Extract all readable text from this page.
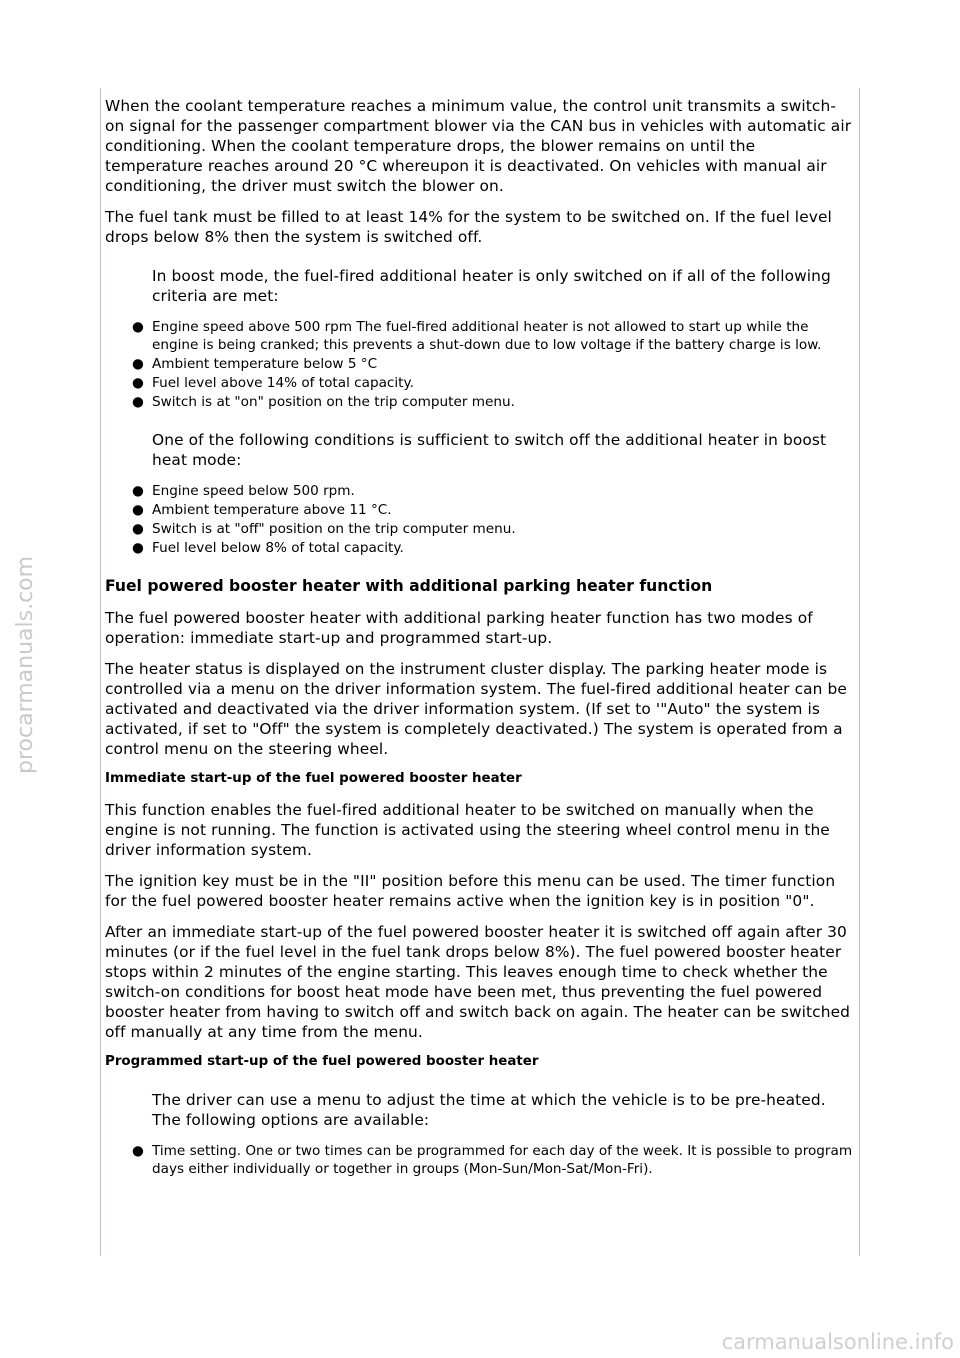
When the coolant temperature reaches a minimum value, the control unit transmits a switch-on signal for the passenger compartment blower via the CAN bus in vehicles with automatic air conditioning. When the coolant temperature drops, the blower remains on until the temperature reaches around 20 °C whereupon it is deactivated. On vehicles with manual air conditioning, the driver must switch the blower on.

The fuel tank must be filled to at least 14% for the system to be switched on. If the fuel level drops below 8% then the system is switched off.

In boost mode, the fuel-fired additional heater is only switched on if all of the following criteria are met:

● Engine speed above 500 rpm The fuel-fired additional heater is not allowed to start up while the engine is being cranked; this prevents a shut-down due to low voltage if the battery charge is low.
● Ambient temperature below 5 °C
● Fuel level above 14% of total capacity.
● Switch is at "on" position on the trip computer menu.

One of the following conditions is sufficient to switch off the additional heater in boost heat mode:

● Engine speed below 500 rpm.
● Ambient temperature above 11 °C.
● Switch is at "off" position on the trip computer menu.
● Fuel level below 8% of total capacity.
Fuel powered booster heater with additional parking heater function

The fuel powered booster heater with additional parking heater function has two modes of operation: immediate start-up and programmed start-up.

The heater status is displayed on the instrument cluster display. The parking heater mode is controlled via a menu on the driver information system. The fuel-fired additional heater can be activated and deactivated via the driver information system. (If set to '"Auto" the system is activated, if set to "Off" the system is completely deactivated.) The system is operated from a control menu on the steering wheel.

Immediate start-up of the fuel powered booster heater

This function enables the fuel-fired additional heater to be switched on manually when the engine is not running. The function is activated using the steering wheel control menu in the driver information system.

The ignition key must be in the "II" position before this menu can be used. The timer function for the fuel powered booster heater remains active when the ignition key is in position "0".

After an immediate start-up of the fuel powered booster heater it is switched off again after 30 minutes (or if the fuel level in the fuel tank drops below 8%). The fuel powered booster heater stops within 2 minutes of the engine starting. This leaves enough time to check whether the switch-on conditions for boost heat mode have been met, thus preventing the fuel powered booster heater from having to switch off and switch back on again. The heater can be switched off manually at any time from the menu.

Programmed start-up of the fuel powered booster heater

The driver can use a menu to adjust the time at which the vehicle is to be pre-heated. The following options are available:

● Time setting. One or two times can be programmed for each day of the week. It is possible to program days either individually or together in groups (Mon-Sun/Mon-Sat/Mon-Fri).
procarmanuals.com
carmanualsonline.info
